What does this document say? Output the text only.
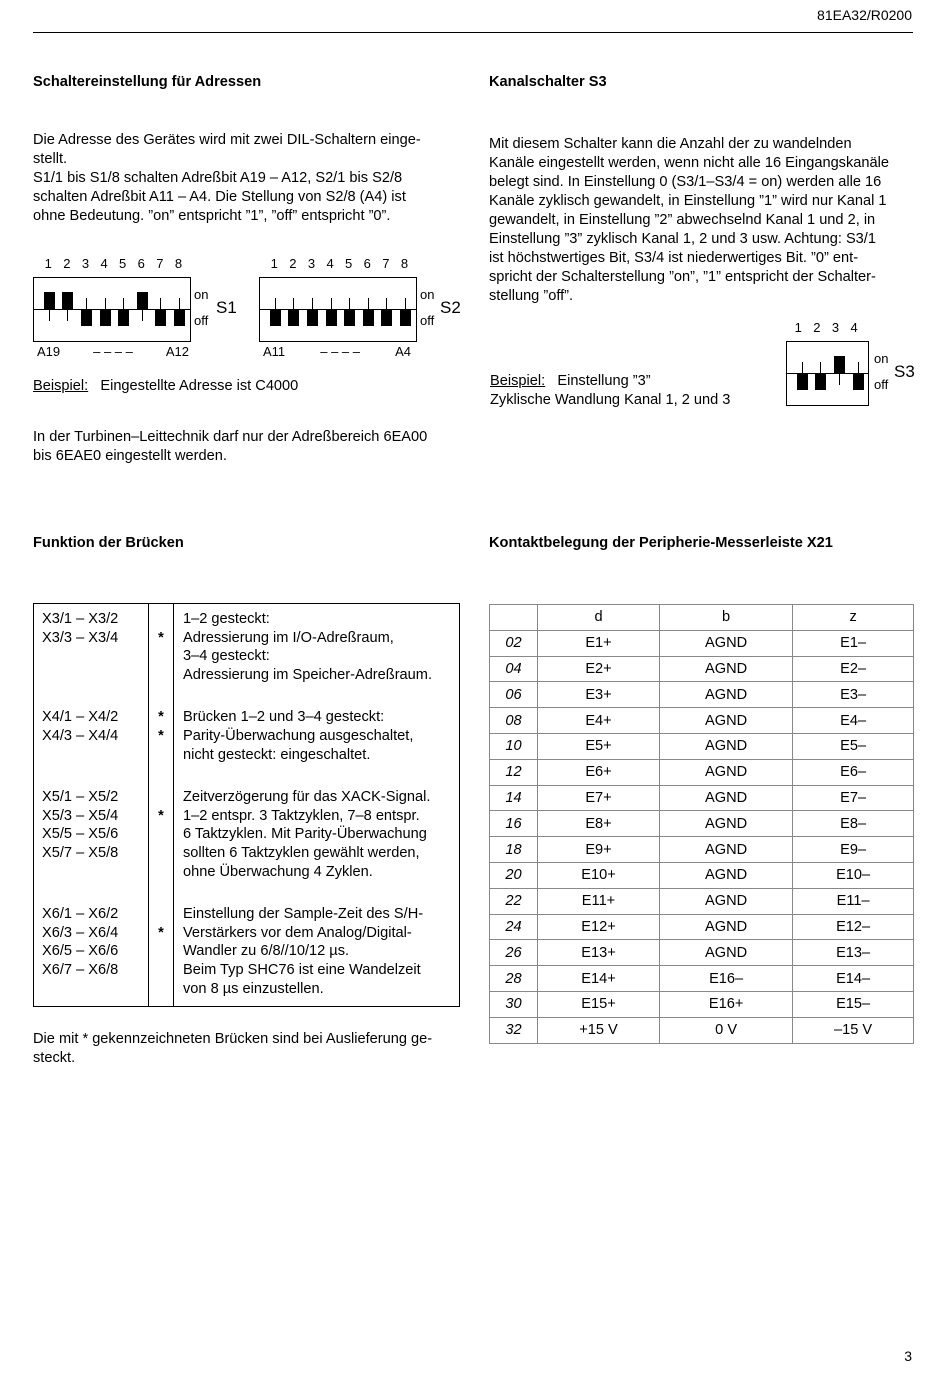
81EA32/R0200
3
Schaltereinstellung für Adressen
Die Adresse des Gerätes wird mit zwei DIL-Schaltern einge-
stellt.
S1/1 bis S1/8 schalten Adreßbit A19 – A12, S2/1 bis S2/8
schalten Adreßbit A11 – A4. Die Stellung von S2/8 (A4) ist
ohne Bedeutung. ”on” entspricht ”1”, ”off” entspricht ”0”.
1 2 3 4 5 6 7 8
on
off
S1
A19	– – – –	A12
1 2 3 4 5 6 7 8
on
off
S2
A11	– – – –	A4
Beispiel: Eingestellte Adresse ist C4000
In der Turbinen–Leittechnik darf nur der Adreßbereich 6EA00
bis 6EAE0 eingestellt werden.
Funktion der Brücken
X3/1 – X3/2
X3/3 – X3/4	*	1–2 gesteckt:
Adressierung im I/O-Adreßraum,
3–4 gesteckt:
Adressierung im Speicher-Adreßraum.

X4/1 – X4/2
X4/3 – X4/4	*
*	Brücken 1–2 und 3–4 gesteckt:
Parity-Überwachung ausgeschaltet,
nicht gesteckt: eingeschaltet.

X5/1 – X5/2
X5/3 – X5/4
X5/5 – X5/6
X5/7 – X5/8	*	Zeitverzögerung für das XACK-Signal.
1–2 entspr. 3 Taktzyklen, 7–8 entspr.
6 Taktzyklen. Mit Parity-Überwachung
sollten 6 Taktzyklen gewählt werden,
ohne Überwachung 4 Zyklen.

X6/1 – X6/2
X6/3 – X6/4
X6/5 – X6/6
X6/7 – X6/8	*	Einstellung der Sample-Zeit des S/H-
Verstärkers vor dem Analog/Digital-
Wandler zu 6/8//10/12 µs.
Beim Typ SHC76 ist eine Wandelzeit
von 8 µs einzustellen.
Die mit * gekennzeichneten Brücken sind bei Auslieferung ge-
steckt.
Kanalschalter S3
Mit diesem Schalter kann die Anzahl der zu wandelnden
Kanäle eingestellt werden, wenn nicht alle 16 Eingangskanäle
belegt sind. In Einstellung 0 (S3/1–S3/4 = on) werden alle 16
Kanäle zyklisch gewandelt, in Einstellung ”1” wird nur Kanal 1
gewandelt, in Einstellung ”2” abwechselnd Kanal 1 und 2, in
Einstellung ”3” zyklisch Kanal 1, 2 und 3 usw. Achtung: S3/1
ist höchstwertiges Bit, S3/4 ist niederwertiges Bit. ”0” ent-
spricht der Schalterstellung ”on”, ”1” entspricht der Schalter-
stellung ”off”.
1 2 3 4
on
off
S3
Beispiel: Einstellung ”3”
Zyklische Wandlung Kanal 1, 2 und 3
Kontaktbelegung der Peripherie-Messerleiste X21
	d	b	z
02	E1+	AGND	E1–
04	E2+	AGND	E2–
06	E3+	AGND	E3–
08	E4+	AGND	E4–
10	E5+	AGND	E5–
12	E6+	AGND	E6–
14	E7+	AGND	E7–
16	E8+	AGND	E8–
18	E9+	AGND	E9–
20	E10+	AGND	E10–
22	E11+	AGND	E11–
24	E12+	AGND	E12–
26	E13+	AGND	E13–
28	E14+	E16–	E14–
30	E15+	E16+	E15–
32	+15 V	0 V	–15 V
